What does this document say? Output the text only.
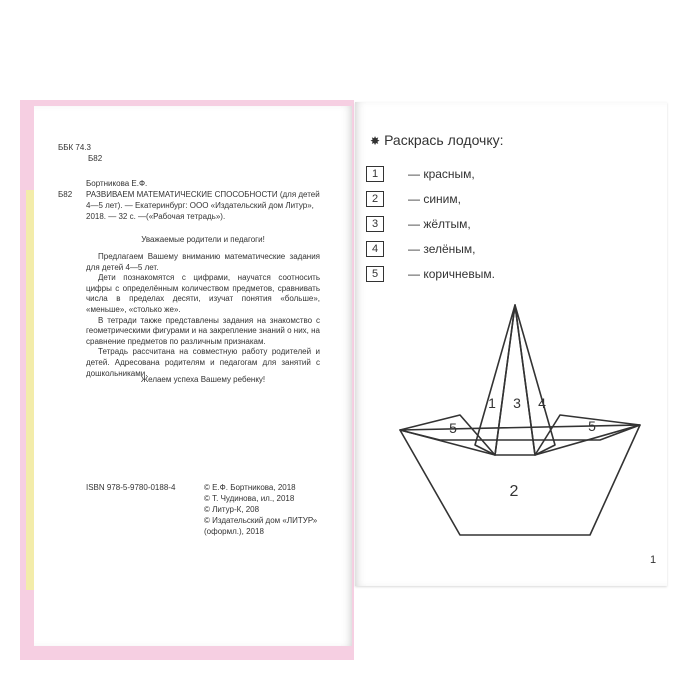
ББК 74.3
Б82
Б82
Бортникова Е.Ф.
РАЗВИВАЕМ МАТЕМАТИЧЕСКИЕ СПОСОБНОСТИ (для детей
4—5 лет). — Екатеринбург: ООО «Издательский дом Литур»,
2018. — 32 с. —(«Рабочая тетрадь»).
Уважаемые родители и педагоги!

Предлагаем Вашему вниманию математические задания для детей 4—5 лет.

Дети познакомятся с цифрами, научатся соотносить цифры с определённым количеством предметов, сравнивать числа в пределах десяти, изучат понятия «больше», «меньше», «столько же».

В тетради также представлены задания на знакомство с геометрическими фигурами и на закрепление знаний о них, на сравнение предметов по различным признакам.

Тетрадь рассчитана на совместную работу родителей и детей. Адресована родителям и педагогам для занятий с дошкольниками.

Желаем успеха Вашему ребенку!
ISBN 978-5-9780-0188-4	© Е.Ф. Бортникова, 2018
© Т. Чудинова, ил., 2018
© Литур-К, 208
© Издательский дом «ЛИТУР»
(оформл.), 2018
✸ Раскрась лодочку:
1	— красным,
2	— синим,
3	— жёлтым,
4	— зелёным,
5	— коричневым.
1 3 4
5	5
2
1
